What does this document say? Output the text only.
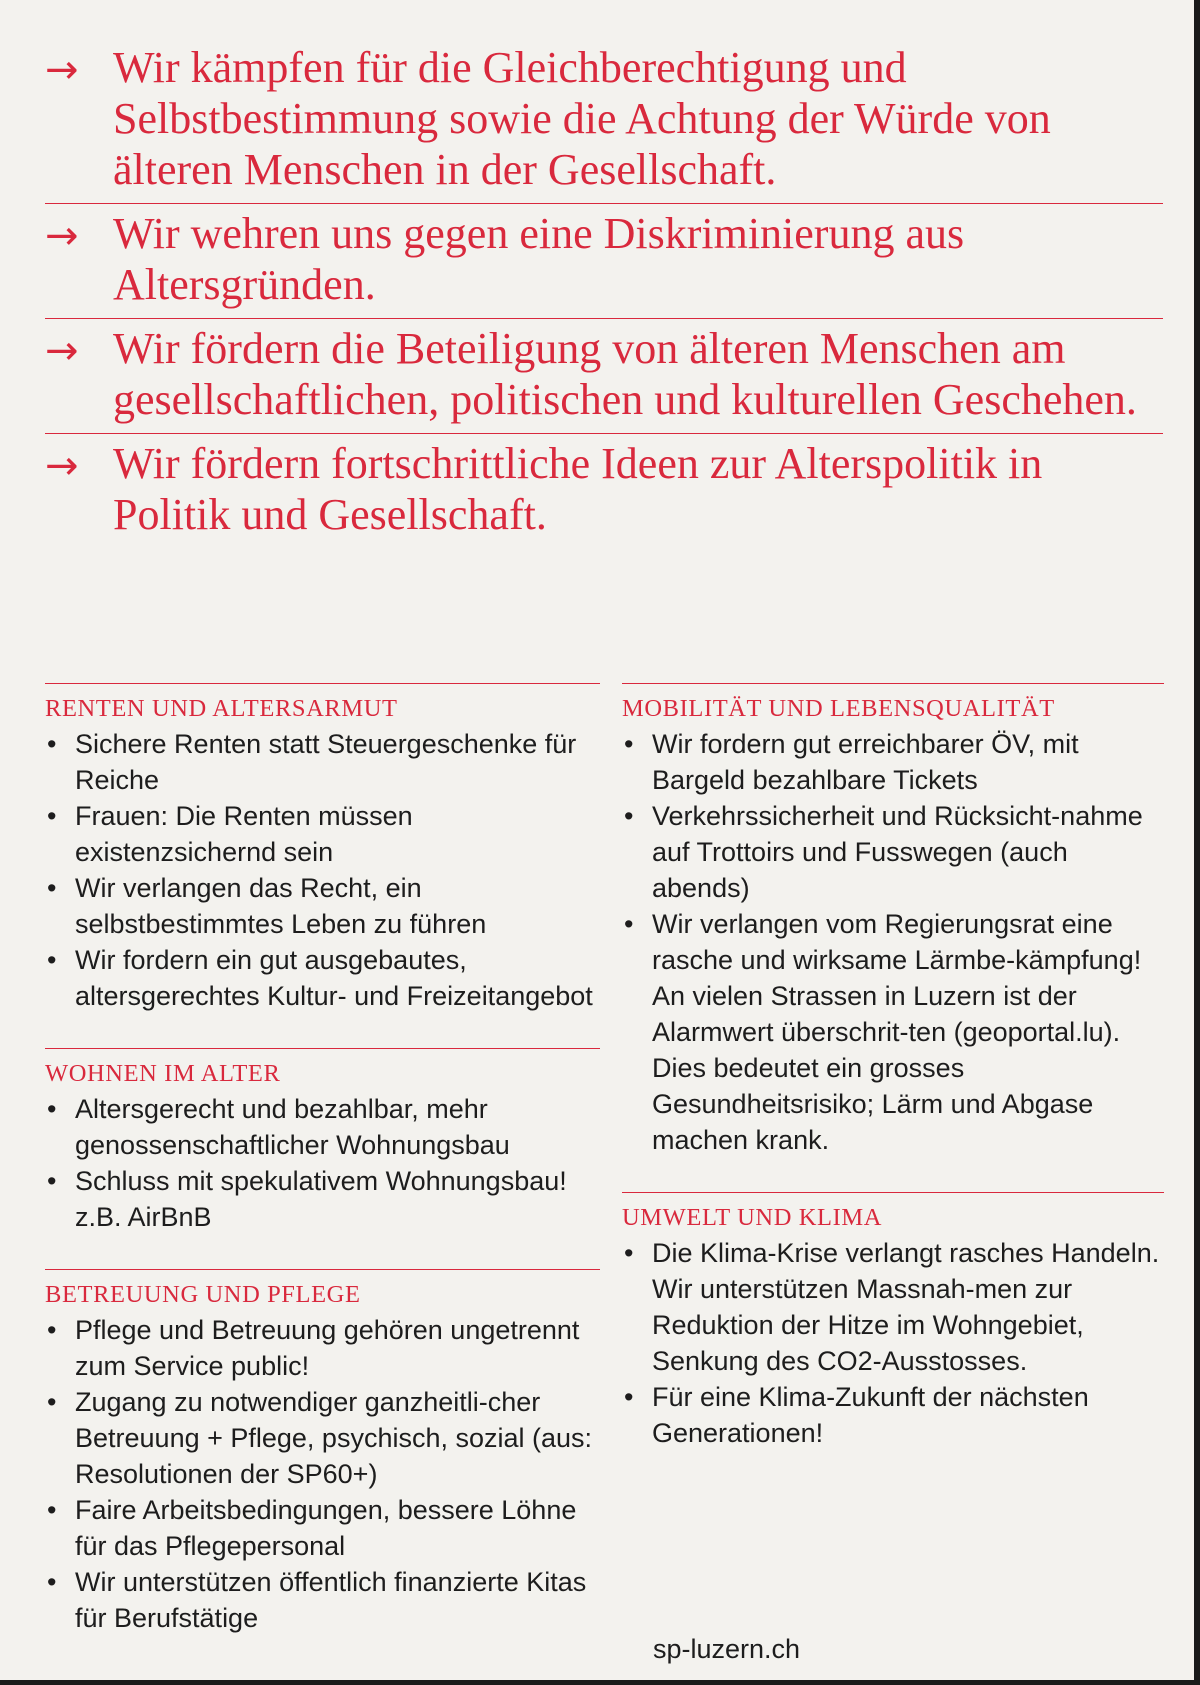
→ Wir kämpfen für die Gleichberechtigung und Selbstbestimmung sowie die Achtung der Würde von älteren Menschen in der Gesellschaft.
→ Wir wehren uns gegen eine Diskriminierung aus Altersgründen.
→ Wir fördern die Beteiligung von älteren Menschen am gesellschaftlichen, politischen und kulturellen Geschehen.
→ Wir fördern fortschrittliche Ideen zur Alterspolitik in Politik und Gesellschaft.
RENTEN UND ALTERSARMUT
• Sichere Renten statt Steuergeschenke für Reiche
• Frauen: Die Renten müssen existenzsichernd sein
• Wir verlangen das Recht, ein selbstbestimmtes Leben zu führen
• Wir fordern ein gut ausgebautes, altersgerechtes Kultur- und Freizeitangebot
WOHNEN IM ALTER
• Altersgerecht und bezahlbar, mehr genossenschaftlicher Wohnungsbau
• Schluss mit spekulativem Wohnungsbau! z.B. AirBnB
BETREUUNG UND PFLEGE
• Pflege und Betreuung gehören ungetrennt zum Service public!
• Zugang zu notwendiger ganzheitli-cher Betreuung + Pflege, psychisch, sozial (aus: Resolutionen der SP60+)
• Faire Arbeitsbedingungen, bessere Löhne für das Pflegepersonal
• Wir unterstützen öffentlich finanzierte Kitas für Berufstätige
MOBILITÄT UND LEBENSQUALITÄT
• Wir fordern gut erreichbarer ÖV, mit Bargeld bezahlbare Tickets
• Verkehrssicherheit und Rücksicht-nahme auf Trottoirs und Fusswegen (auch abends)
• Wir verlangen vom Regierungsrat eine rasche und wirksame Lärmbe-kämpfung! An vielen Strassen in Luzern ist der Alarmwert überschrit-ten (geoportal.lu). Dies bedeutet ein grosses Gesundheitsrisiko; Lärm und Abgase machen krank.
UMWELT UND KLIMA
• Die Klima-Krise verlangt rasches Handeln. Wir unterstützen Massnah-men zur Reduktion der Hitze im Wohngebiet, Senkung des CO2-Ausstosses.
• Für eine Klima-Zukunft der nächsten Generationen!
sp-luzern.ch
